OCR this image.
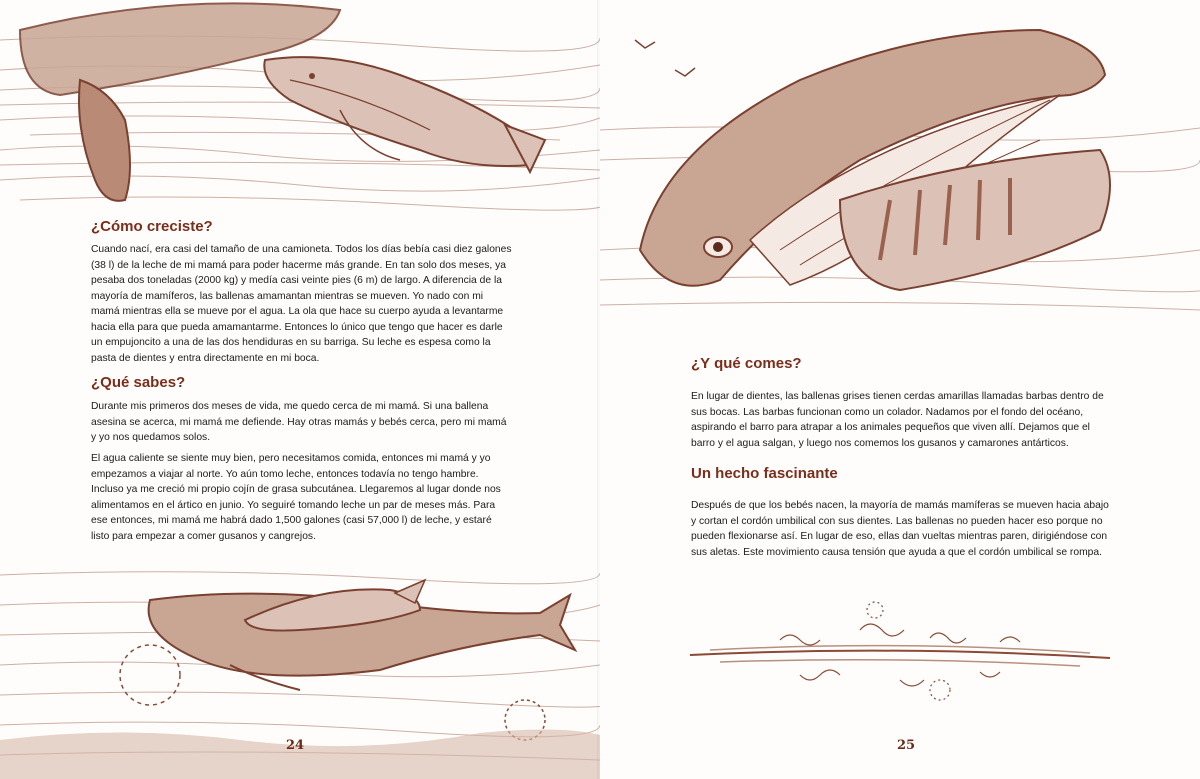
¿Cómo creciste?

Cuando nací, era casi del tamaño de una camioneta. Todos los días bebía casi diez galones (38 l) de la leche de mi mamá para poder hacerme más grande. En tan solo dos meses, ya pesaba dos toneladas (2000 kg) y medía casi veinte pies (6 m) de largo. A diferencia de la mayoría de mamíferos, las ballenas amamantan mientras se mueven. Yo nado con mi mamá mientras ella se mueve por el agua. La ola que hace su cuerpo ayuda a levantarme hacia ella para que pueda amamantarme. Entonces lo único que tengo que hacer es darle un empujoncito a una de las dos hendiduras en su barriga. Su leche es espesa como la pasta de dientes y entra directamente en mi boca.

¿Qué sabes?

Durante mis primeros dos meses de vida, me quedo cerca de mi mamá. Si una ballena asesina se acerca, mi mamá me defiende. Hay otras mamás y bebés cerca, pero mi mamá y yo nos quedamos solos.

El agua caliente se siente muy bien, pero necesitamos comida, entonces mi mamá y yo empezamos a viajar al norte. Yo aún tomo leche, entonces todavía no tengo hambre. Incluso ya me creció mi propio cojín de grasa subcutánea. Llegaremos al lugar donde nos alimentamos en el ártico en junio. Yo seguiré tomando leche un par de meses más. Para ese entonces, mi mamá me habrá dado 1,500 galones (casi 57,000 l) de leche, y estaré listo para empezar a comer gusanos y cangrejos.

24
¿Y qué comes?

En lugar de dientes, las ballenas grises tienen cerdas amarillas llamadas barbas dentro de sus bocas. Las barbas funcionan como un colador. Nadamos por el fondo del océano, aspirando el barro para atrapar a los animales pequeños que viven allí. Dejamos que el barro y el agua salgan, y luego nos comemos los gusanos y camarones antárticos.

Un hecho fascinante

Después de que los bebés nacen, la mayoría de mamás mamíferas se mueven hacia abajo y cortan el cordón umbilical con sus dientes. Las ballenas no pueden hacer eso porque no pueden flexionarse así. En lugar de eso, ellas dan vueltas mientras paren, dirigiéndose con sus aletas. Este movimiento causa tensión que ayuda a que el cordón umbilical se rompa.

25
